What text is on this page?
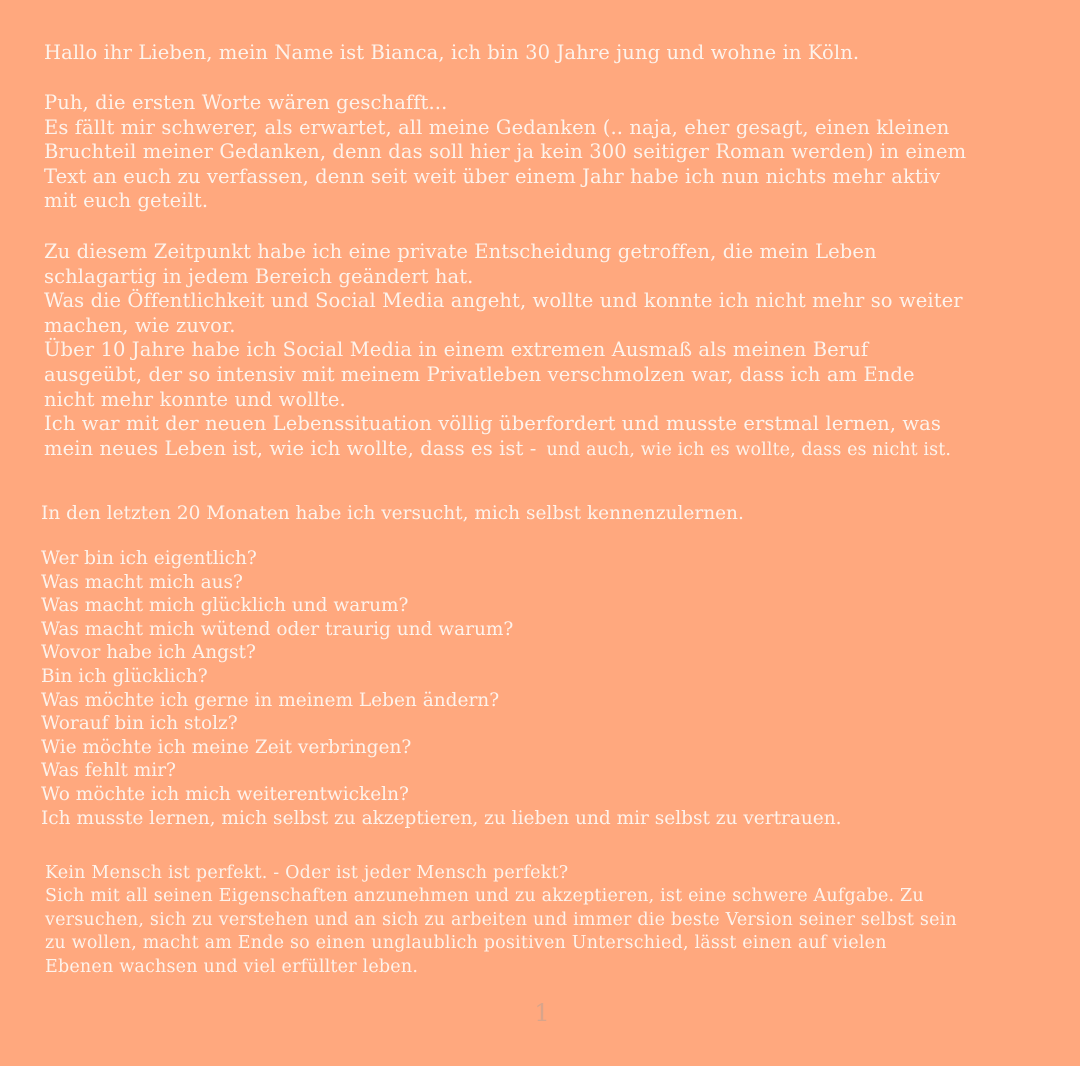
Hallo ihr Lieben, mein Name ist Bianca, ich bin 30 Jahre jung und wohne in Köln.
Puh, die ersten Worte wären geschafft...
Es fällt mir schwerer, als erwartet, all meine Gedanken (.. naja, eher gesagt, einen kleinen
Bruchteil meiner Gedanken, denn das soll hier ja kein 300 seitiger Roman werden) in einem
Text an euch zu verfassen, denn seit weit über einem Jahr habe ich nun nichts mehr aktiv
mit euch geteilt.
Zu diesem Zeitpunkt habe ich eine private Entscheidung getroffen, die mein Leben
schlagartig in jedem Bereich geändert hat.
Was die Öffentlichkeit und Social Media angeht, wollte und konnte ich nicht mehr so weiter
machen, wie zuvor.
Über 10 Jahre habe ich Social Media in einem extremen Ausmaß als meinen Beruf
ausgeübt, der so intensiv mit meinem Privatleben verschmolzen war, dass ich am Ende
nicht mehr konnte und wollte.
Ich war mit der neuen Lebenssituation völlig überfordert und musste erstmal lernen, was
mein neues Leben ist, wie ich wollte, dass es ist - und auch, wie ich es wollte, dass es nicht ist.
In den letzten 20 Monaten habe ich versucht, mich selbst kennenzulernen.
Wer bin ich eigentlich?
Was macht mich aus?
Was macht mich glücklich und warum?
Was macht mich wütend oder traurig und warum?
Wovor habe ich Angst?
Bin ich glücklich?
Was möchte ich gerne in meinem Leben ändern?
Worauf bin ich stolz?
Wie möchte ich meine Zeit verbringen?
Was fehlt mir?
Wo möchte ich mich weiterentwickeln?
Ich musste lernen, mich selbst zu akzeptieren, zu lieben und mir selbst zu vertrauen.
Kein Mensch ist perfekt. - Oder ist jeder Mensch perfekt?
Sich mit all seinen Eigenschaften anzunehmen und zu akzeptieren, ist eine schwere Aufgabe. Zu
versuchen, sich zu verstehen und an sich zu arbeiten und immer die beste Version seiner selbst sein
zu wollen, macht am Ende so einen unglaublich positiven Unterschied, lässt einen auf vielen
Ebenen wachsen und viel erfüllter leben.
1
